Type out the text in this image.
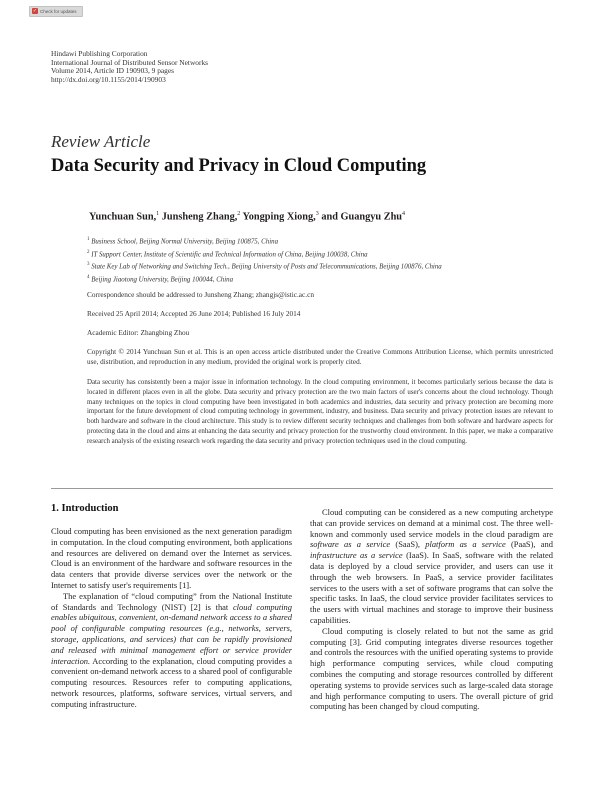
✓ Check for updates
Hindawi Publishing Corporation
International Journal of Distributed Sensor Networks
Volume 2014, Article ID 190903, 9 pages
http://dx.doi.org/10.1155/2014/190903
Review Article
Data Security and Privacy in Cloud Computing
Yunchuan Sun,$^1$ Junsheng Zhang,$^2$ Yongping Xiong,$^3$ and Guangyu Zhu$^4$
$^1$ Business School, Beijing Normal University, Beijing 100875, China
$^2$ IT Support Center, Institute of Scientific and Technical Information of China, Beijing 100038, China
$^3$ State Key Lab of Networking and Switching Tech., Beijing University of Posts and Telecommunications, Beijing 100876, China
$^4$ Beijing Jiaotong University, Beijing 100044, China
Correspondence should be addressed to Junsheng Zhang; zhangjs@istic.ac.cn
Received 25 April 2014; Accepted 26 June 2014; Published 16 July 2014
Academic Editor: Zhangbing Zhou
Copyright © 2014 Yunchuan Sun et al. This is an open access article distributed under the Creative Commons Attribution License, which permits unrestricted use, distribution, and reproduction in any medium, provided the original work is properly cited.
Data security has consistently been a major issue in information technology. In the cloud computing environment, it becomes particularly serious because the data is located in different places even in all the globe. Data security and privacy protection are the two main factors of user's concerns about the cloud technology. Though many techniques on the topics in cloud computing have been investigated in both academics and industries, data security and privacy protection are becoming more important for the future development of cloud computing technology in government, industry, and business. Data security and privacy protection issues are relevant to both hardware and software in the cloud architecture. This study is to review different security techniques and challenges from both software and hardware aspects for protecting data in the cloud and aims at enhancing the data security and privacy protection for the trustworthy cloud environment. In this paper, we make a comparative research analysis of the existing research work regarding the data security and privacy protection techniques used in the cloud computing.
1. Introduction

Cloud computing has been envisioned as the next generation paradigm in computation. In the cloud computing environment, both applications and resources are delivered on demand over the Internet as services. Cloud is an environment of the hardware and software resources in the data centers that provide diverse services over the network or the Internet to satisfy user's requirements [1].

The explanation of “cloud computing” from the National Institute of Standards and Technology (NIST) [2] is that cloud computing enables ubiquitous, convenient, on-demand network access to a shared pool of configurable computing resources (e.g., networks, servers, storage, applications, and services) that can be rapidly provisioned and released with minimal management effort or service provider interaction. According to the explanation, cloud computing provides a convenient on-demand network access to a shared pool of configurable computing resources. Resources refer to computing applications, network resources, platforms, software services, virtual servers, and computing infrastructure.

Cloud computing can be considered as a new computing archetype that can provide services on demand at a minimal cost. The three well-known and commonly used service models in the cloud paradigm are software as a service (SaaS), platform as a service (PaaS), and infrastructure as a service (IaaS). In SaaS, software with the related data is deployed by a cloud service provider, and users can use it through the web browsers. In PaaS, a service provider facilitates services to the users with a set of software programs that can solve the specific tasks. In IaaS, the cloud service provider facilitates services to the users with virtual machines and storage to improve their business capabilities.

Cloud computing is closely related to but not the same as grid computing [3]. Grid computing integrates diverse resources together and controls the resources with the unified operating systems to provide high performance computing services, while cloud computing combines the computing and storage resources controlled by different operating systems to provide services such as large-scaled data storage and high performance computing to users. The overall picture of grid computing has been changed by cloud computing.
